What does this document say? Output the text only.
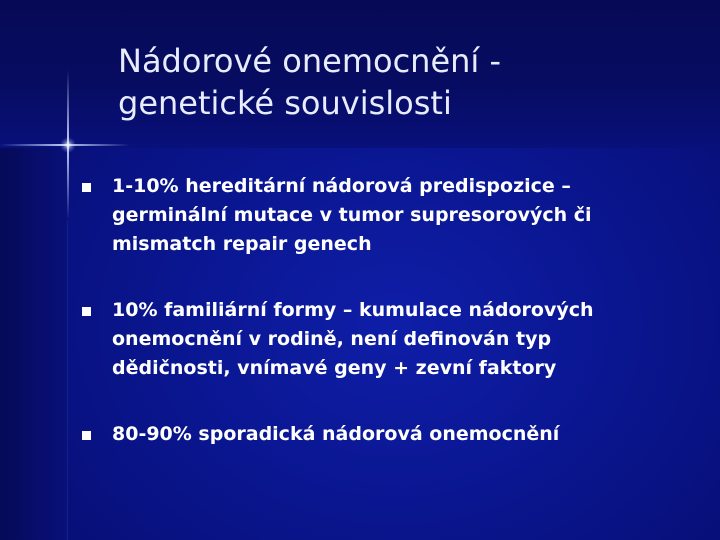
Nádorové onemocnění -
genetické souvislosti
1-10% hereditární nádorová predispozice –
germinální mutace v tumor supresorových či
mismatch repair genech
10% familiární formy – kumulace nádorových
onemocnění v rodině, není definován typ
dědičnosti, vnímavé geny + zevní faktory
80-90% sporadická nádorová onemocnění
